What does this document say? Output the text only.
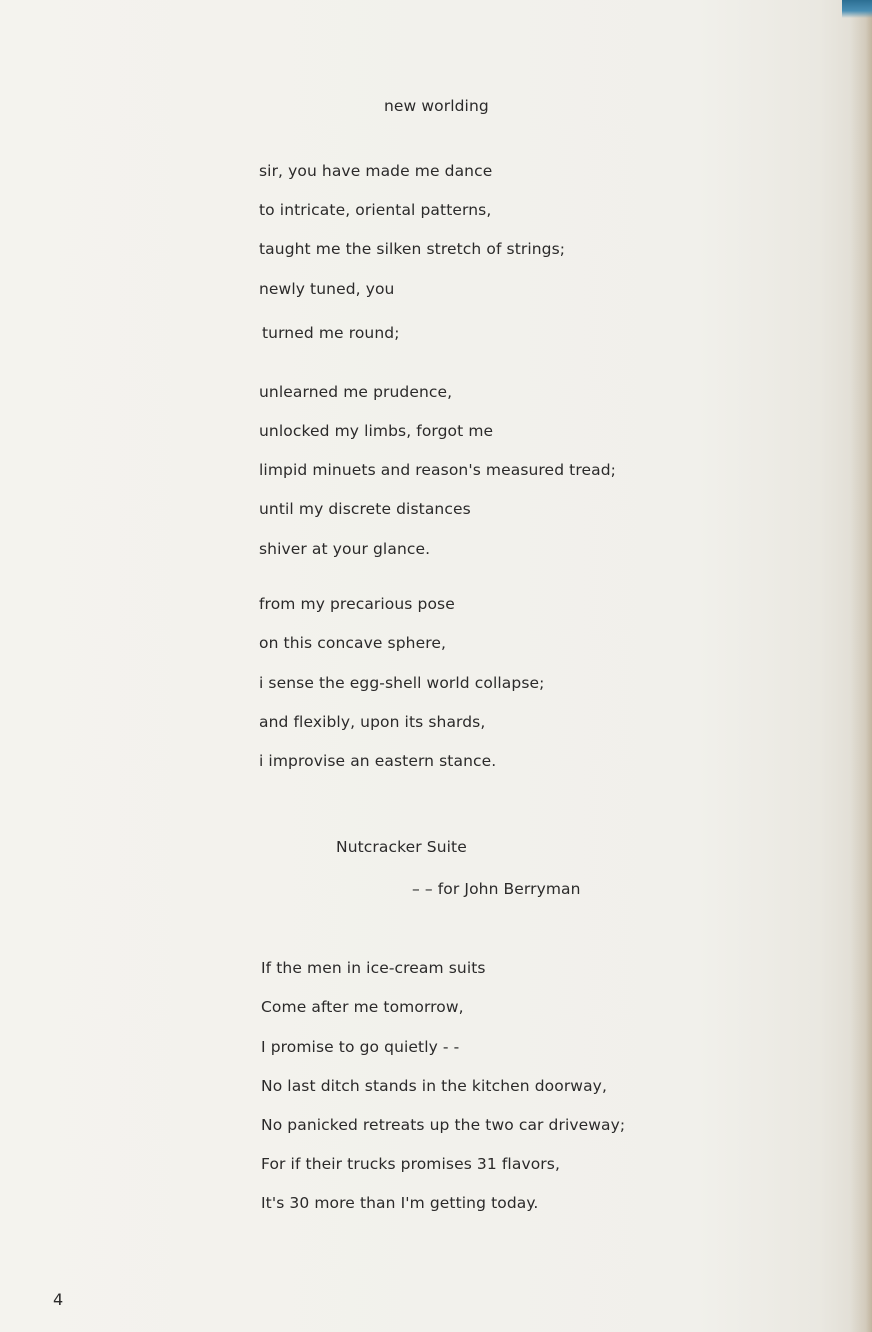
new worlding

sir, you have made me dance

to intricate, oriental patterns,

taught me the silken stretch of strings;

newly tuned, you

turned me round;

unlearned me prudence,

unlocked my limbs, forgot me

limpid minuets and reason's measured tread;

until my discrete distances

shiver at your glance.

from my precarious pose

on this concave sphere,

i sense the egg-shell world collapse;

and flexibly, upon its shards,

i improvise an eastern stance.

Nutcracker Suite

– – for John Berryman

If the men in ice-cream suits

Come after me tomorrow,

I promise to go quietly - -

No last ditch stands in the kitchen doorway,

No panicked retreats up the two car driveway;

For if their trucks promises 31 flavors,

It's 30 more than I'm getting today.

4
